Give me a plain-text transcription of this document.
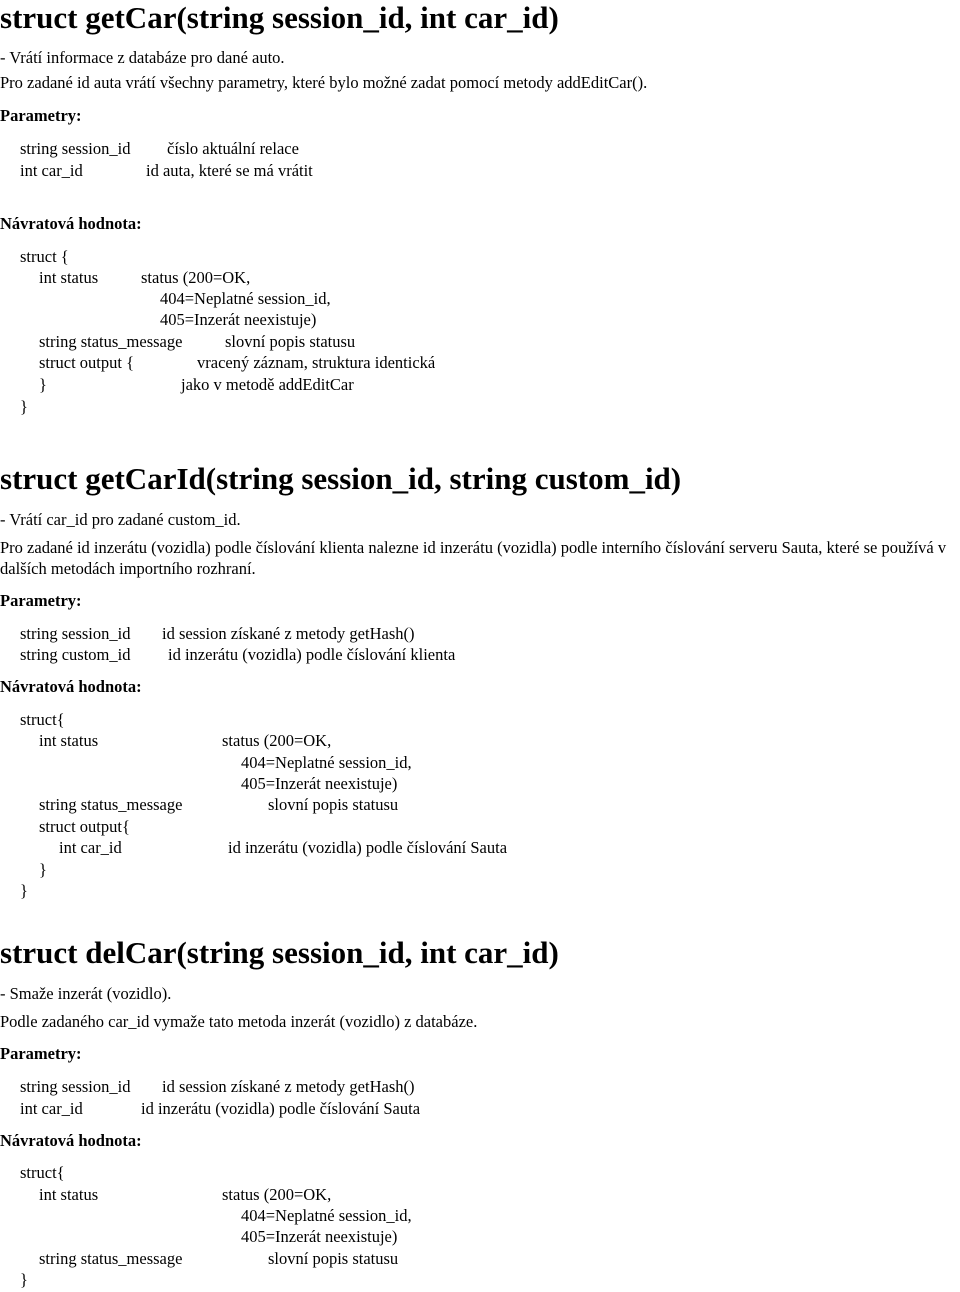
struct getCar(string session_id, int car_id)
- Vrátí informace z databáze pro dané auto.
Pro zadané id auta vrátí všechny parametry, které bylo možné zadat pomocí metody addEditCar().
Parametry:
string session_id číslo aktuální relace
int car_id	id auta, které se má vrátit
Návratová hodnota:
struct {
int status	status (200=OK,
404=Neplatné session_id,
405=Inzerát neexistuje)
string status_message	slovní popis statusu
struct output {	vracený záznam, struktura identická
}	jako v metodě addEditCar
}
struct getCarId(string session_id, string custom_id)
- Vrátí car_id pro zadané custom_id.
Pro zadané id inzerátu (vozidla) podle číslování klienta nalezne id inzerátu (vozidla) podle interního číslování serveru Sauta, které se používá v dalších metodách importního rozhraní.
Parametry:
string session_id id session získané z metody getHash()
string custom_id id inzerátu (vozidla) podle číslování klienta
Návratová hodnota:
struct{
int status	status (200=OK,
404=Neplatné session_id,
405=Inzerát neexistuje)
string status_message	slovní popis statusu
struct output{
int car_id	id inzerátu (vozidla) podle číslování Sauta
}
}
struct delCar(string session_id, int car_id)
- Smaže inzerát (vozidlo).
Podle zadaného car_id vymaže tato metoda inzerát (vozidlo) z databáze.
Parametry:
string session_id id session získané z metody getHash()
int car_id	id inzerátu (vozidla) podle číslování Sauta
Návratová hodnota:
struct{
int status	status (200=OK,
404=Neplatné session_id,
405=Inzerát neexistuje)
string status_message	slovní popis statusu
}
